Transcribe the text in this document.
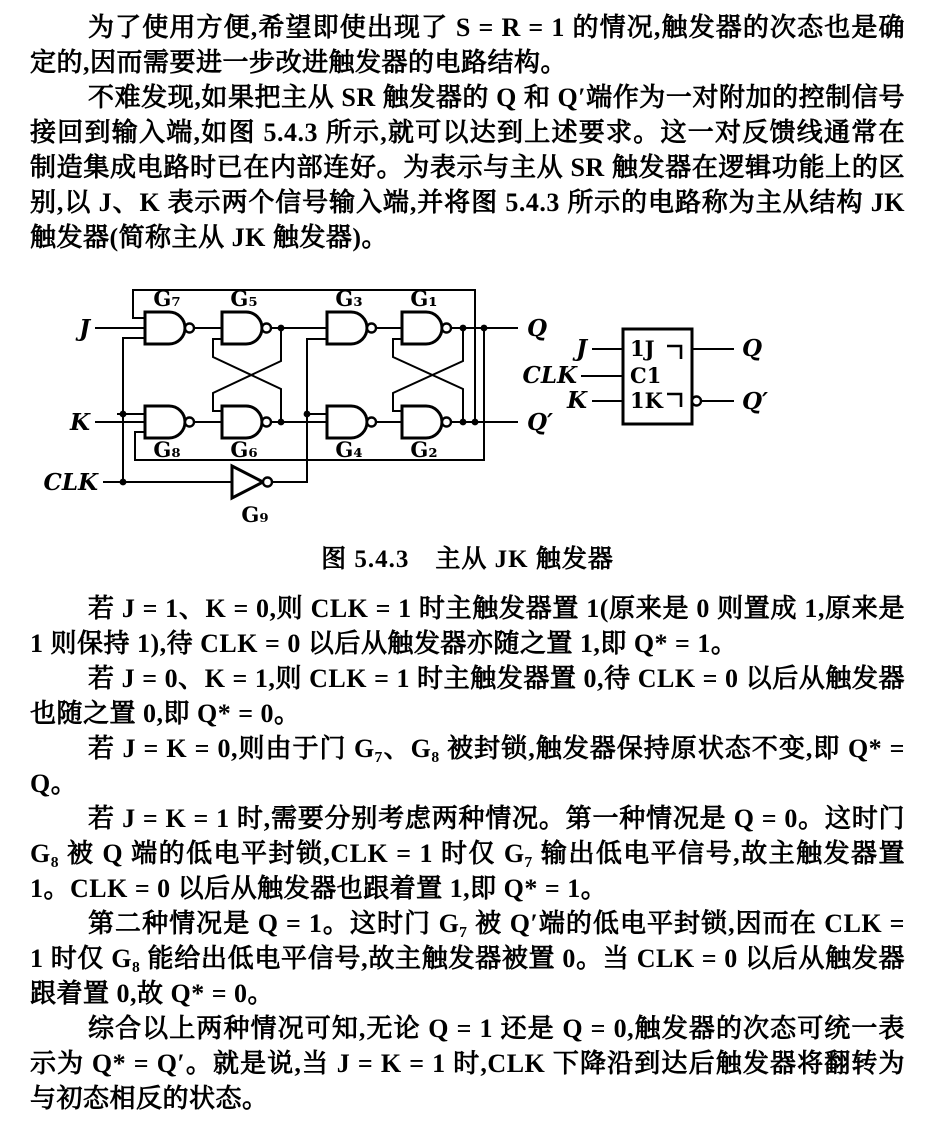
为了使用方便,希望即使出现了 S = R = 1 的情况,触发器的次态也是确定的,因而需要进一步改进触发器的电路结构。

不难发现,如果把主从 SR 触发器的 Q 和 Q′端作为一对附加的控制信号接回到输入端,如图 5.4.3 所示,就可以达到上述要求。这一对反馈线通常在制造集成电路时已在内部连好。为表示与主从 SR 触发器在逻辑功能上的区别,以 J、K 表示两个信号输入端,并将图 5.4.3 所示的电路称为主从结构 JK 触发器(简称主从 JK 触发器)。

J
K
CLK
Q
Q′
G₇ G₅	G₃ G₁
G₈ G₆	G₄ G₂
G₉
J
CLK
K
1J
C1
1K
Q
Q′
图 5.4.3　主从 JK 触发器

若 J = 1、K = 0,则 CLK = 1 时主触发器置 1(原来是 0 则置成 1,原来是 1 则保持 1),待 CLK = 0 以后从触发器亦随之置 1,即 Q* = 1。

若 J = 0、K = 1,则 CLK = 1 时主触发器置 0,待 CLK = 0 以后从触发器也随之置 0,即 Q* = 0。

若 J = K = 0,则由于门 G₇、G₈ 被封锁,触发器保持原状态不变,即 Q* = Q。

若 J = K = 1 时,需要分别考虑两种情况。第一种情况是 Q = 0。这时门 G₈ 被 Q 端的低电平封锁,CLK = 1 时仅 G₇ 输出低电平信号,故主触发器置 1。CLK = 0 以后从触发器也跟着置 1,即 Q* = 1。

第二种情况是 Q = 1。这时门 G₇ 被 Q′端的低电平封锁,因而在 CLK = 1 时仅 G₈ 能给出低电平信号,故主触发器被置 0。当 CLK = 0 以后从触发器跟着置 0,故 Q* = 0。

综合以上两种情况可知,无论 Q = 1 还是 Q = 0,触发器的次态可统一表示为 Q* = Q′。就是说,当 J = K = 1 时,CLK 下降沿到达后触发器将翻转为与初态相反的状态。
